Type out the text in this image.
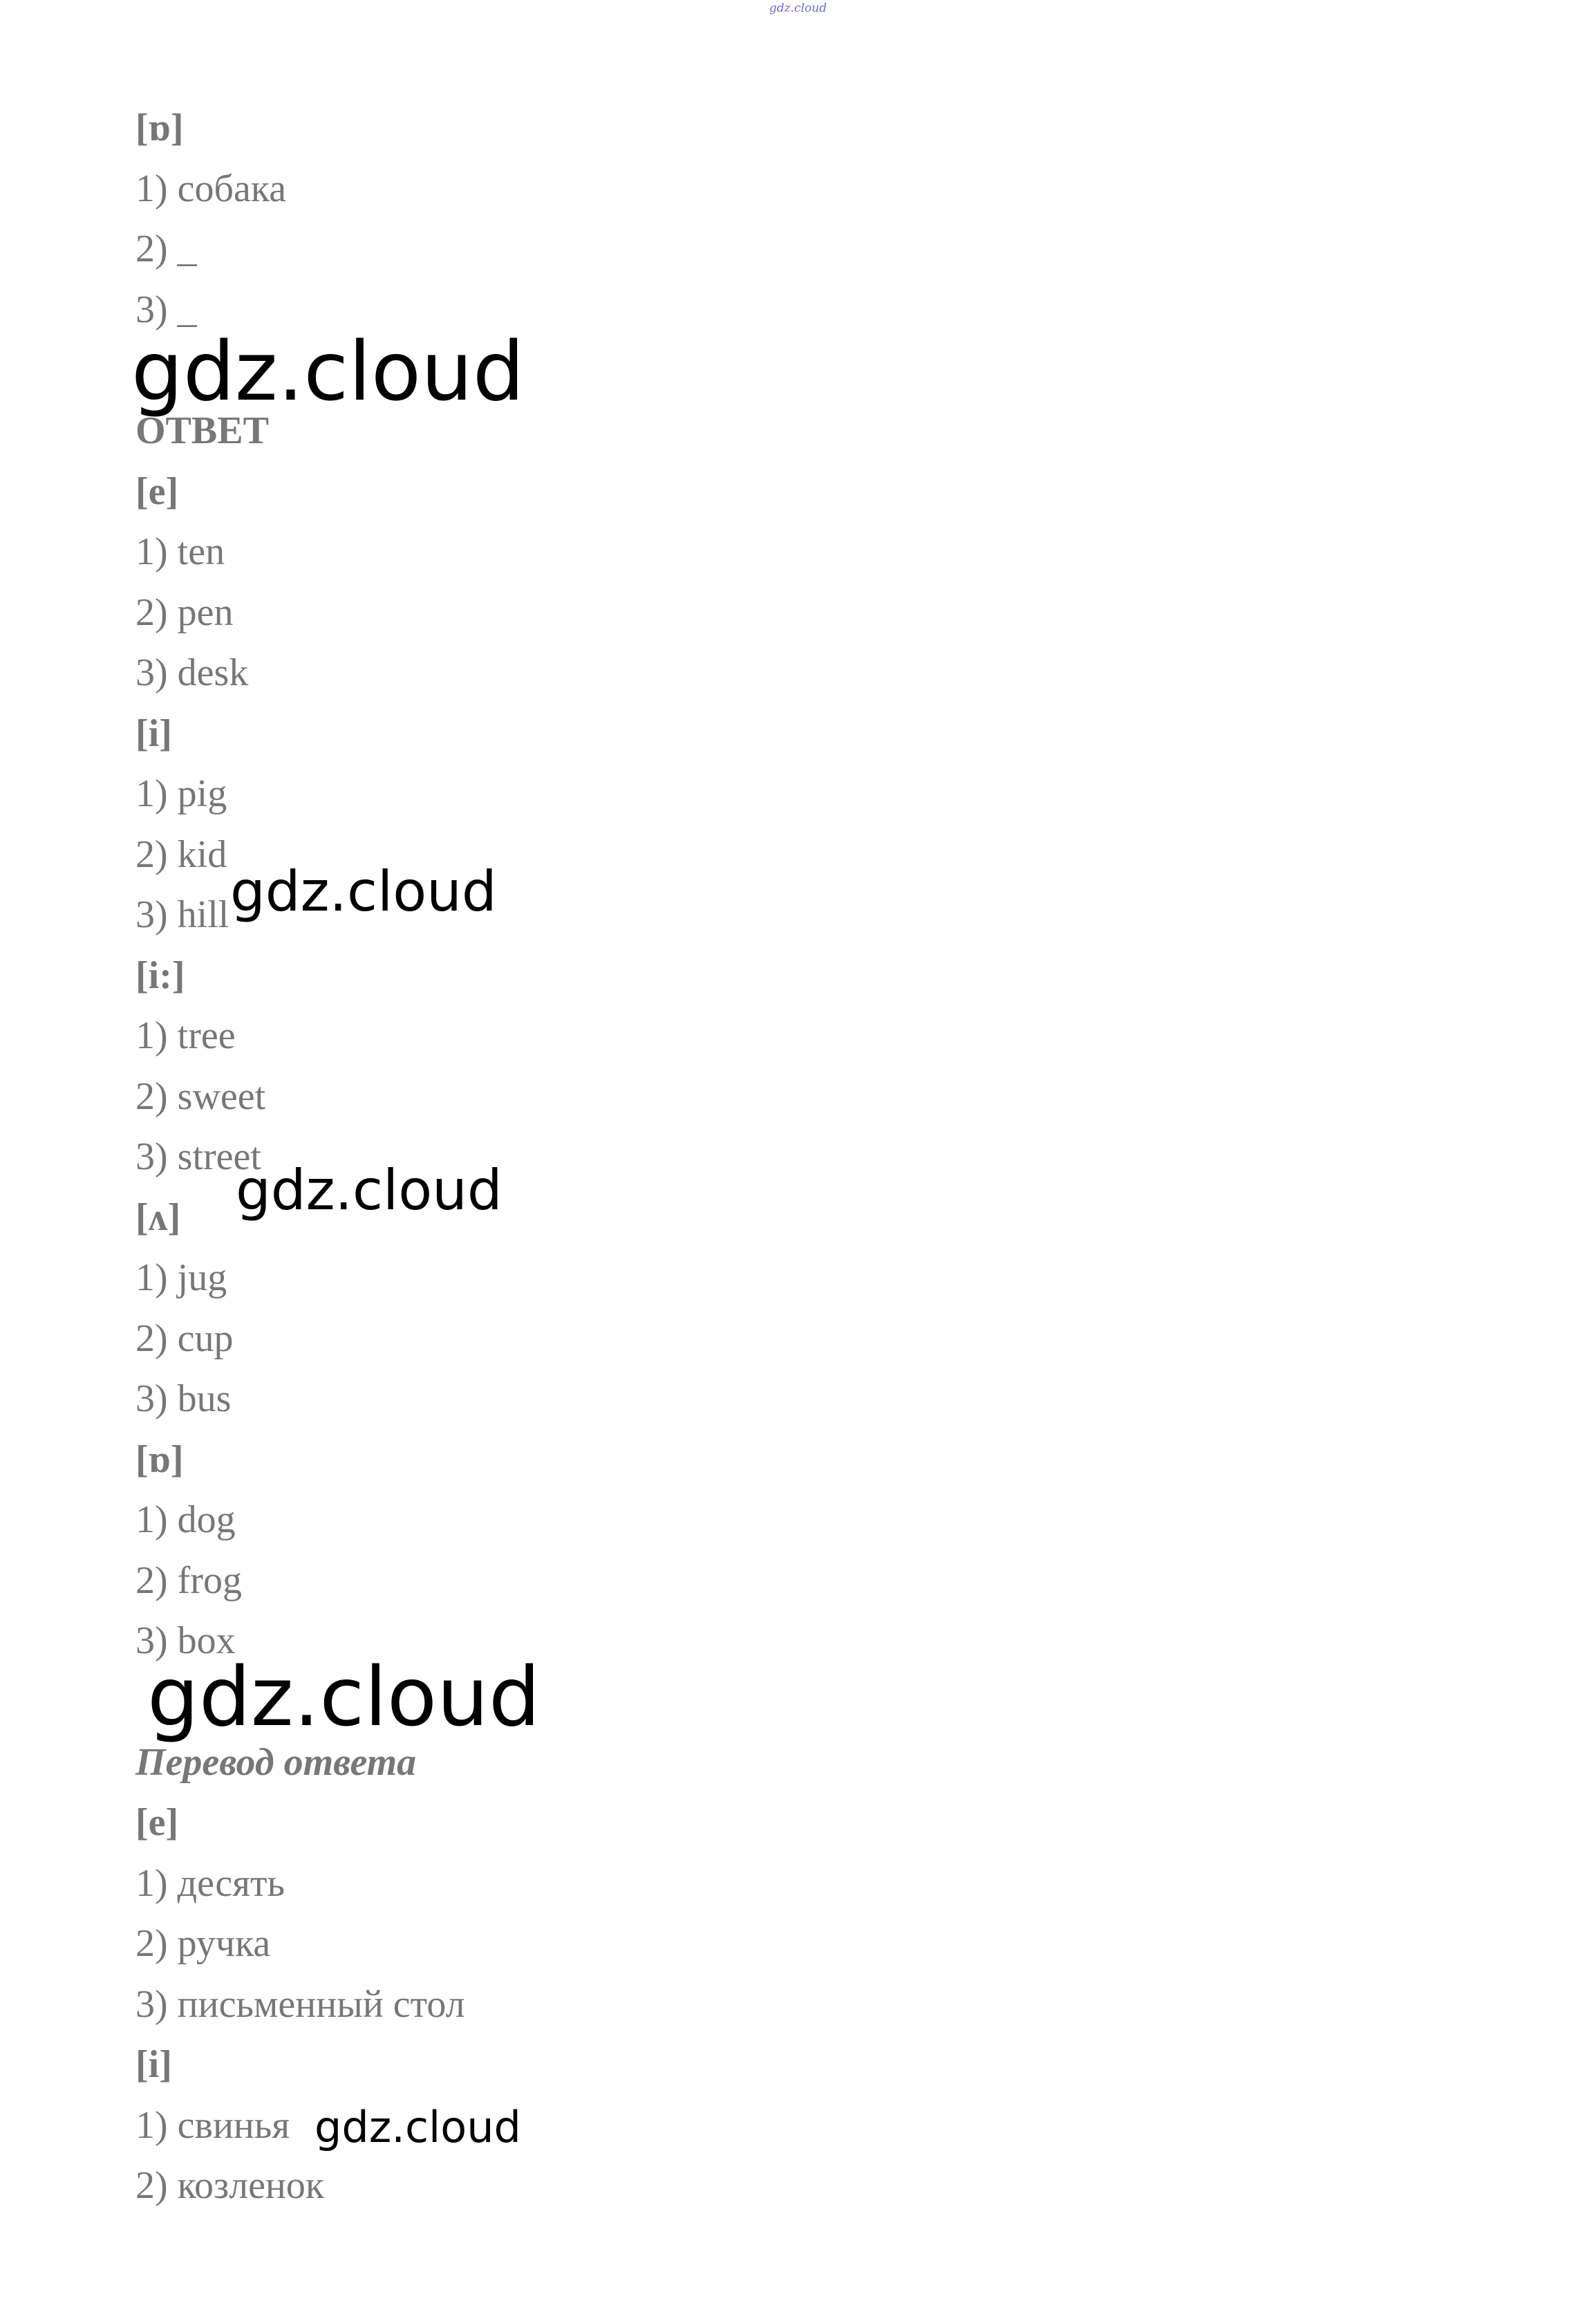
gdz.cloud
[ɒ]
1) собака
2) _
3) _
ОТВЕТ
[e]
1) ten
2) pen
3) desk
[i]
1) pig
2) kid
3) hill
[i:]
1) tree
2) sweet
3) street
[ʌ]
1) jug
2) cup
3) bus
[ɒ]
1) dog
2) frog
3) box
Перевод ответа
[e]
1) десять
2) ручка
3) письменный стол
[i]
1) свинья
2) козленок
gdz.cloud
gdz.cloud
gdz.cloud
gdz.cloud
gdz.cloud
